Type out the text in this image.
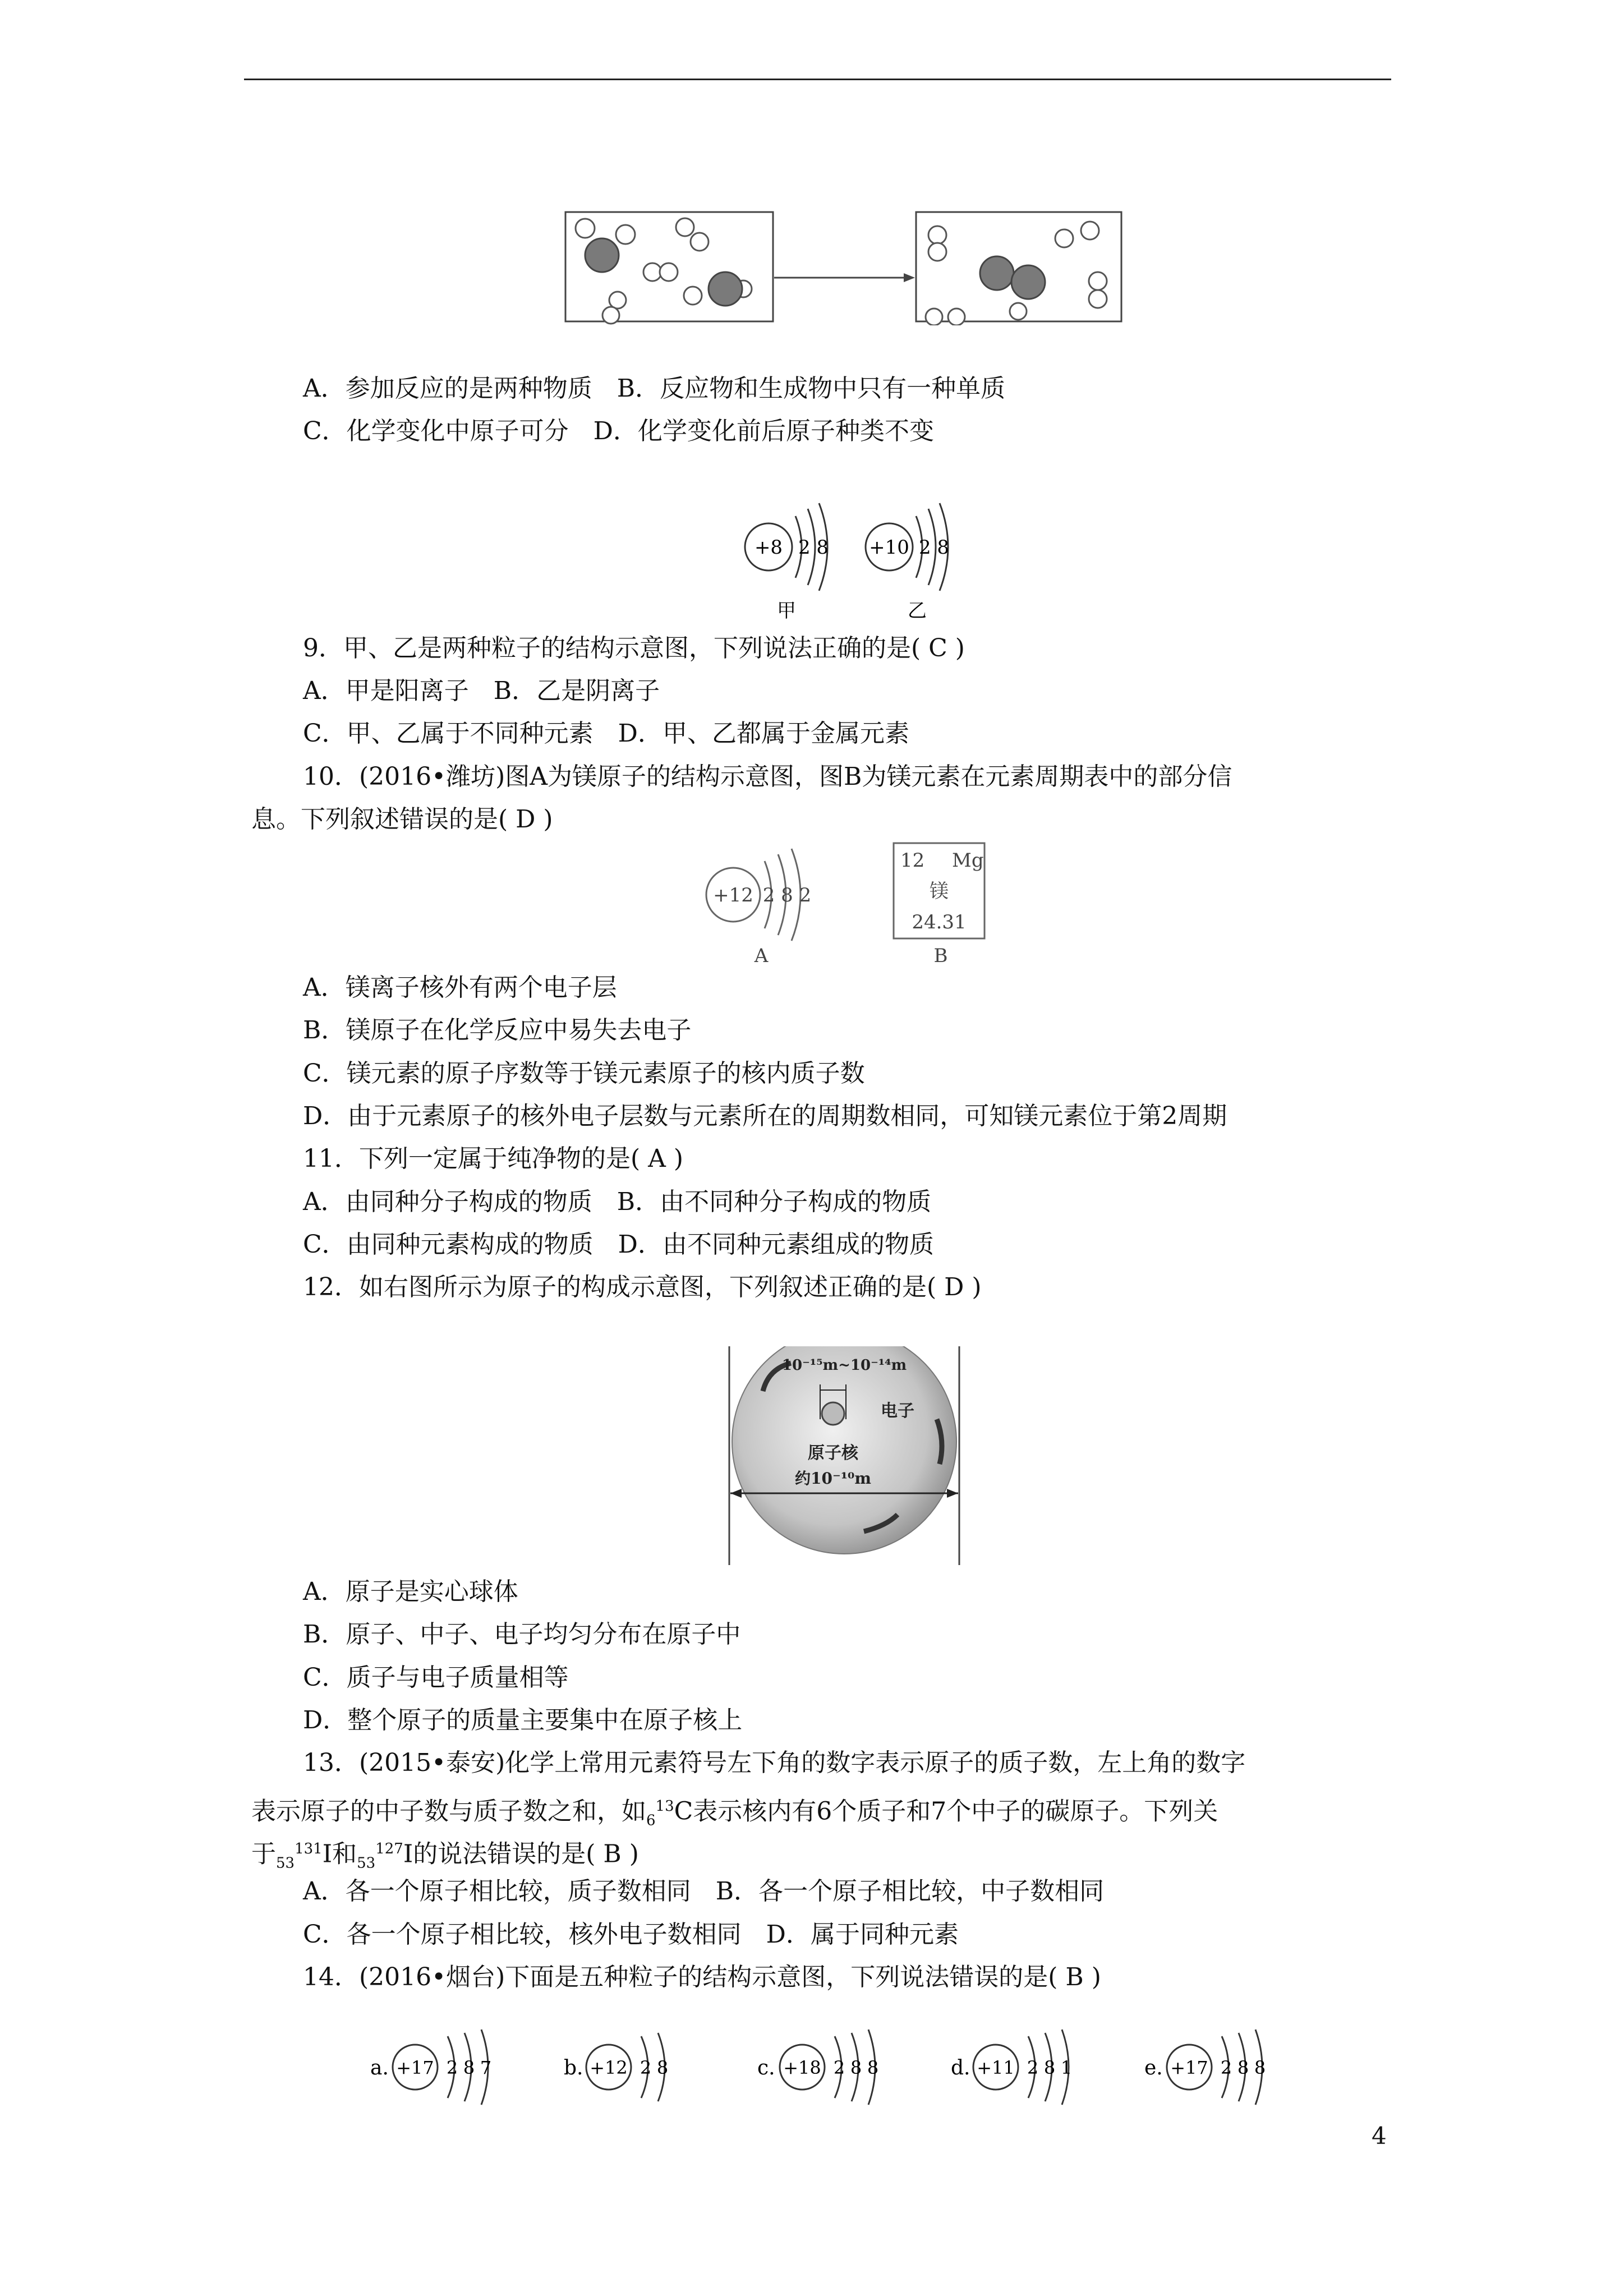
A．参加反应的是两种物质　 B．反应物和生成物中只有一种单质
C．化学变化中原子可分　 D．化学变化前后原子种类不变
+8 2 8
甲
+10 2 8
乙
9．甲、乙是两种粒子的结构示意图，下列说法正确的是( C )
A．甲是阳离子　 B．乙是阴离子
C．甲、乙属于不同种元素　 D．甲、乙都属于金属元素
10．(2016•潍坊)图A为镁原子的结构示意图，图B为镁元素在元素周期表中的部分信
息。下列叙述错误的是( D )
+12 2 8 2
A
12 Mg
镁
24.31
B
A．镁离子核外有两个电子层
B．镁原子在化学反应中易失去电子
C．镁元素的原子序数等于镁元素原子的核内质子数
D．由于元素原子的核外电子层数与元素所在的周期数相同，可知镁元素位于第2周期
11．下列一定属于纯净物的是( A )
A．由同种分子构成的物质　 B．由不同种分子构成的物质
C．由同种元素构成的物质　 D．由不同种元素组成的物质
12．如右图所示为原子的构成示意图，下列叙述正确的是( D )
10⁻¹⁵m~10⁻¹⁴m
电子
原子核
约10⁻¹⁰m
A．原子是实心球体
B．原子、中子、电子均匀分布在原子中
C．质子与电子质量相等
D．整个原子的质量主要集中在原子核上
13．(2015•泰安)化学上常用元素符号左下角的数字表示原子的质子数，左上角的数字
表示原子的中子数与质子数之和，如$_6^{13}$C表示核内有6个质子和7个中子的碳原子。下列关
于$_{53}^{131}$I和$_{53}^{127}$I的说法错误的是( B )
A．各一个原子相比较，质子数相同　 B．各一个原子相比较，中子数相同
C．各一个原子相比较，核外电子数相同　 D．属于同种元素
14．(2016•烟台)下面是五种粒子的结构示意图，下列说法错误的是( B )
a. +17 2 8 7	b. +12 2 8	c. +18 2 8 8	d. +11 2 8 1	e. +17 2 8 8
4
